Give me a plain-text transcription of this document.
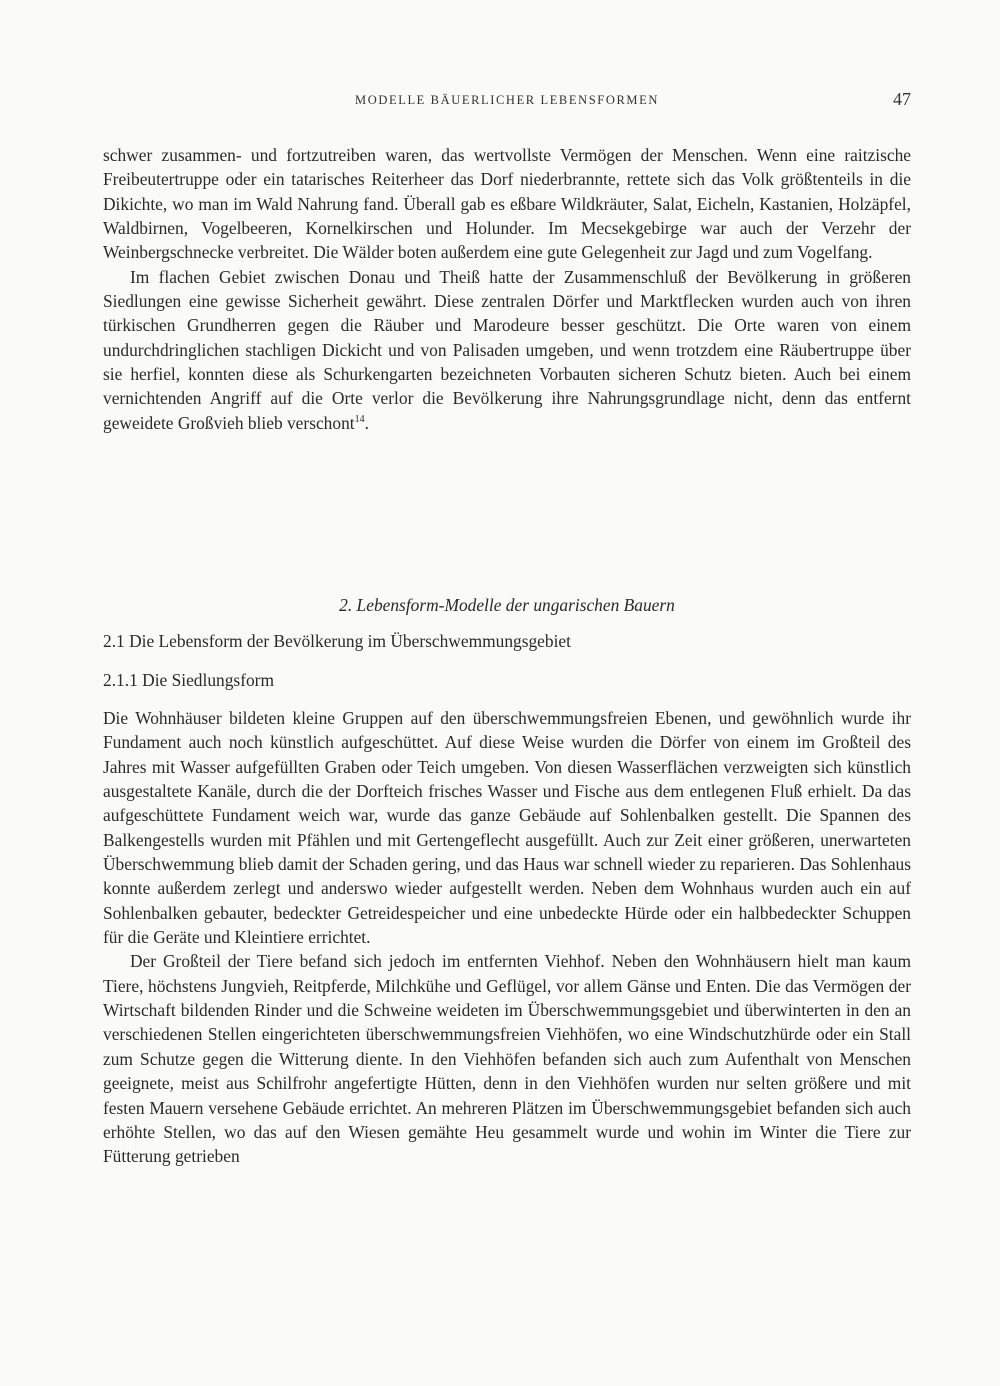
MODELLE BÄUERLICHER LEBENSFORMEN	47

schwer zusammen- und fortzutreiben waren, das wertvollste Vermögen der Menschen. Wenn eine raitzische Freibeutertruppe oder ein tatarisches Reiterheer das Dorf niederbrannte, rettete sich das Volk größtenteils in die Dikichte, wo man im Wald Nahrung fand. Überall gab es eßbare Wildkräuter, Salat, Eicheln, Kastanien, Holzäpfel, Waldbirnen, Vogelbeeren, Kornelkirschen und Holunder. Im Mecsekgebirge war auch der Verzehr der Weinbergschnecke verbreitet. Die Wälder boten außerdem eine gute Gelegenheit zur Jagd und zum Vogelfang.

Im flachen Gebiet zwischen Donau und Theiß hatte der Zusammenschluß der Bevölkerung in größeren Siedlungen eine gewisse Sicherheit gewährt. Diese zentralen Dörfer und Marktflecken wurden auch von ihren türkischen Grundherren gegen die Räuber und Marodeure besser geschützt. Die Orte waren von einem undurchdringlichen stachligen Dickicht und von Palisaden umgeben, und wenn trotzdem eine Räubertruppe über sie herfiel, konnten diese als Schurkengarten bezeichneten Vorbauten sicheren Schutz bieten. Auch bei einem vernichtenden Angriff auf die Orte verlor die Bevölkerung ihre Nahrungsgrundlage nicht, denn das entfernt geweidete Großvieh blieb verschont$^{14}$.

2. Lebensform-Modelle der ungarischen Bauern
2.1 Die Lebensform der Bevölkerung im Überschwemmungsgebiet
2.1.1 Die Siedlungsform

Die Wohnhäuser bildeten kleine Gruppen auf den überschwemmungsfreien Ebenen, und gewöhnlich wurde ihr Fundament auch noch künstlich aufgeschüttet. Auf diese Weise wurden die Dörfer von einem im Großteil des Jahres mit Wasser aufgefüllten Graben oder Teich umgeben. Von diesen Wasserflächen verzweigten sich künstlich ausgestaltete Kanäle, durch die der Dorfteich frisches Wasser und Fische aus dem entlegenen Fluß erhielt. Da das aufgeschüttete Fundament weich war, wurde das ganze Gebäude auf Sohlenbalken gestellt. Die Spannen des Balkengestells wurden mit Pfählen und mit Gertengeflecht ausgefüllt. Auch zur Zeit einer größeren, unerwarteten Überschwemmung blieb damit der Schaden gering, und das Haus war schnell wieder zu reparieren. Das Sohlenhaus konnte außerdem zerlegt und anderswo wieder aufgestellt werden. Neben dem Wohnhaus wurden auch ein auf Sohlenbalken gebauter, bedeckter Getreidespeicher und eine unbedeckte Hürde oder ein halbbedeckter Schuppen für die Geräte und Kleintiere errichtet.

Der Großteil der Tiere befand sich jedoch im entfernten Viehhof. Neben den Wohnhäusern hielt man kaum Tiere, höchstens Jungvieh, Reitpferde, Milchkühe und Geflügel, vor allem Gänse und Enten. Die das Vermögen der Wirtschaft bildenden Rinder und die Schweine weideten im Überschwemmungsgebiet und überwinterten in den an verschiedenen Stellen eingerichteten überschwemmungsfreien Viehhöfen, wo eine Windschutzhürde oder ein Stall zum Schutze gegen die Witterung diente. In den Viehhöfen befanden sich auch zum Aufenthalt von Menschen geeignete, meist aus Schilfrohr angefertigte Hütten, denn in den Viehhöfen wurden nur selten größere und mit festen Mauern versehene Gebäude errichtet. An mehreren Plätzen im Überschwemmungsgebiet befanden sich auch erhöhte Stellen, wo das auf den Wiesen gemähte Heu gesammelt wurde und wohin im Winter die Tiere zur Fütterung getrieben
